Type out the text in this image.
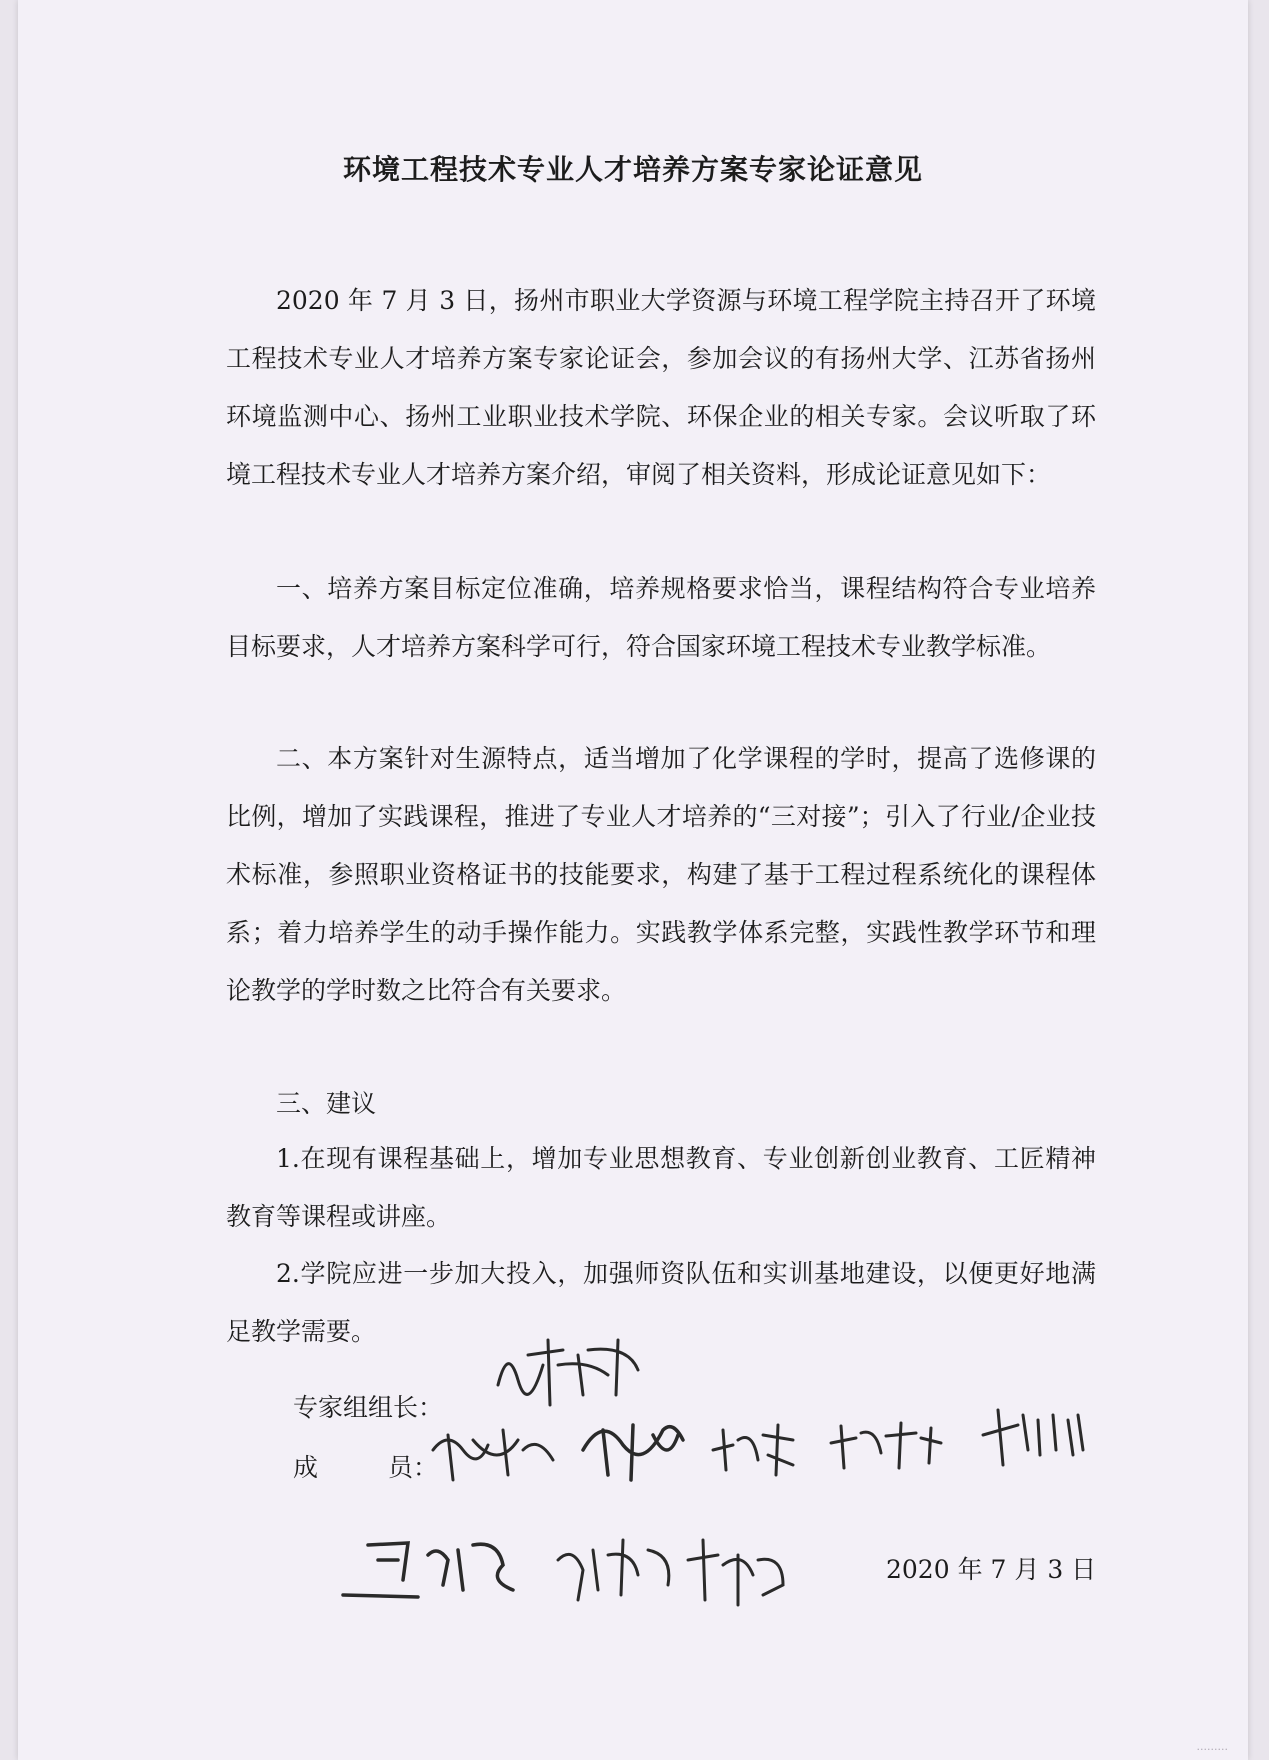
环境工程技术专业人才培养方案专家论证意见

2020 年 7 月 3 日，扬州市职业大学资源与环境工程学院主持召开了环境工程技术专业人才培养方案专家论证会，参加会议的有扬州大学、江苏省扬州环境监测中心、扬州工业职业技术学院、环保企业的相关专家。会议听取了环境工程技术专业人才培养方案介绍，审阅了相关资料，形成论证意见如下：

一、培养方案目标定位准确，培养规格要求恰当，课程结构符合专业培养目标要求，人才培养方案科学可行，符合国家环境工程技术专业教学标准。

二、本方案针对生源特点，适当增加了化学课程的学时，提高了选修课的比例，增加了实践课程，推进了专业人才培养的“三对接”；引入了行业/企业技术标准，参照职业资格证书的技能要求，构建了基于工程过程系统化的课程体系；着力培养学生的动手操作能力。实践教学体系完整，实践性教学环节和理论教学的学时数之比符合有关要求。

三、建议

1.在现有课程基础上，增加专业思想教育、专业创新创业教育、工匠精神教育等课程或讲座。

2.学院应进一步加大投入，加强师资队伍和实训基地建设，以便更好地满足教学需要。

专家组组长：
成	员：
2020 年 7 月 3 日
·········
